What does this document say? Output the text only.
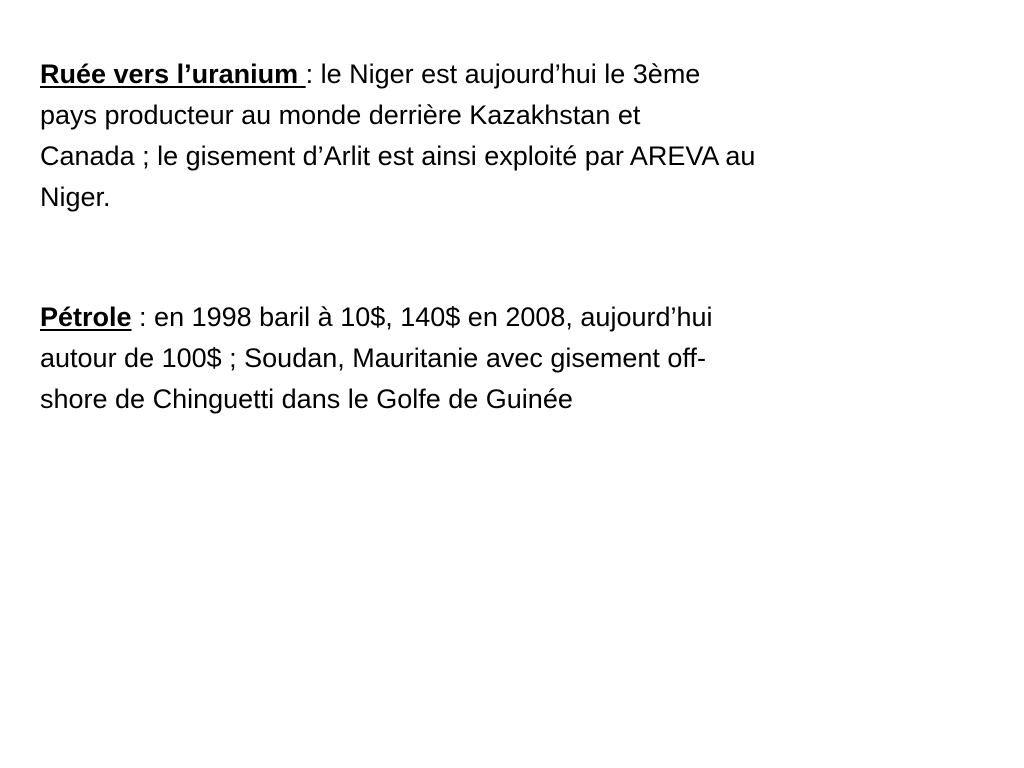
Ruée vers l’uranium : le Niger est aujourd’hui le 3ème
pays producteur au monde derrière Kazakhstan et
Canada ; le gisement d’Arlit est ainsi exploité par AREVA au
Niger.

Pétrole : en 1998 baril à 10$, 140$ en 2008, aujourd’hui
autour de 100$ ; Soudan, Mauritanie avec gisement off-
shore de Chinguetti dans le Golfe de Guinée
